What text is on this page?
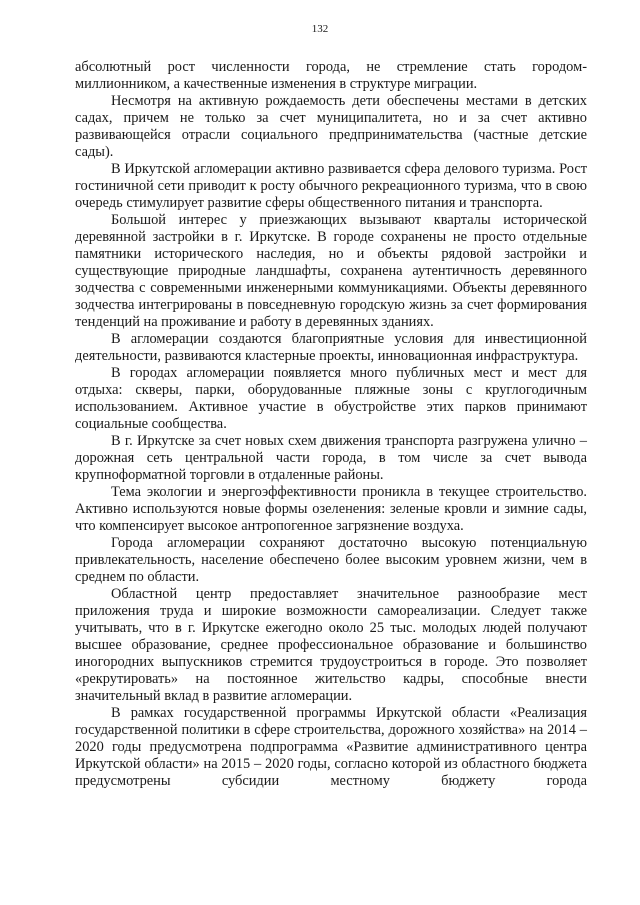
132

абсолютный рост численности города, не стремление стать городом-миллионником, а качественные изменения в структуре миграции.

Несмотря на активную рождаемость дети обеспечены местами в детских садах, причем не только за счет муниципалитета, но и за счет активно развивающейся отрасли социального предпринимательства (частные детские сады).

В Иркутской агломерации активно развивается сфера делового туризма. Рост гостиничной сети приводит к росту обычного рекреационного туризма, что в свою очередь стимулирует развитие сферы общественного питания и транспорта.

Большой интерес у приезжающих вызывают кварталы исторической деревянной застройки в г. Иркутске. В городе сохранены не просто отдельные памятники исторического наследия, но и объекты рядовой застройки и существующие природные ландшафты, сохранена аутентичность деревянного зодчества с современными инженерными коммуникациями. Объекты деревянного зодчества интегрированы в повседневную городскую жизнь за счет формирования тенденций на проживание и работу в деревянных зданиях.

В агломерации создаются благоприятные условия для инвестиционной деятельности, развиваются кластерные проекты, инновационная инфраструктура.

В городах агломерации появляется много публичных мест и мест для отдыха: скверы, парки, оборудованные пляжные зоны с круглогодичным использованием. Активное участие в обустройстве этих парков принимают социальные сообщества.

В г. Иркутске за счет новых схем движения транспорта разгружена улично –дорожная сеть центральной части города, в том числе за счет вывода крупноформатной торговли в отдаленные районы.

Тема экологии и энергоэффективности проникла в текущее строительство. Активно используются новые формы озеленения: зеленые кровли и зимние сады, что компенсирует высокое антропогенное загрязнение воздуха.

Города агломерации сохраняют достаточно высокую потенциальную привлекательность, население обеспечено более высоким уровнем жизни, чем в среднем по области.

Областной центр предоставляет значительное разнообразие мест приложения труда и широкие возможности самореализации. Следует также учитывать, что в г. Иркутске ежегодно около 25 тыс. молодых людей получают высшее образование, среднее профессиональное образование и большинство иногородних выпускников стремится трудоустроиться в городе. Это позволяет «рекрутировать» на постоянное жительство кадры, способные внести значительный вклад в развитие агломерации.

В рамках государственной программы Иркутской области «Реализация государственной политики в сфере строительства, дорожного хозяйства» на 2014 – 2020 годы предусмотрена подпрограмма «Развитие административного центра Иркутской области» на 2015 – 2020 годы, согласно которой из областного бюджета предусмотрены субсидии местному бюджету города
